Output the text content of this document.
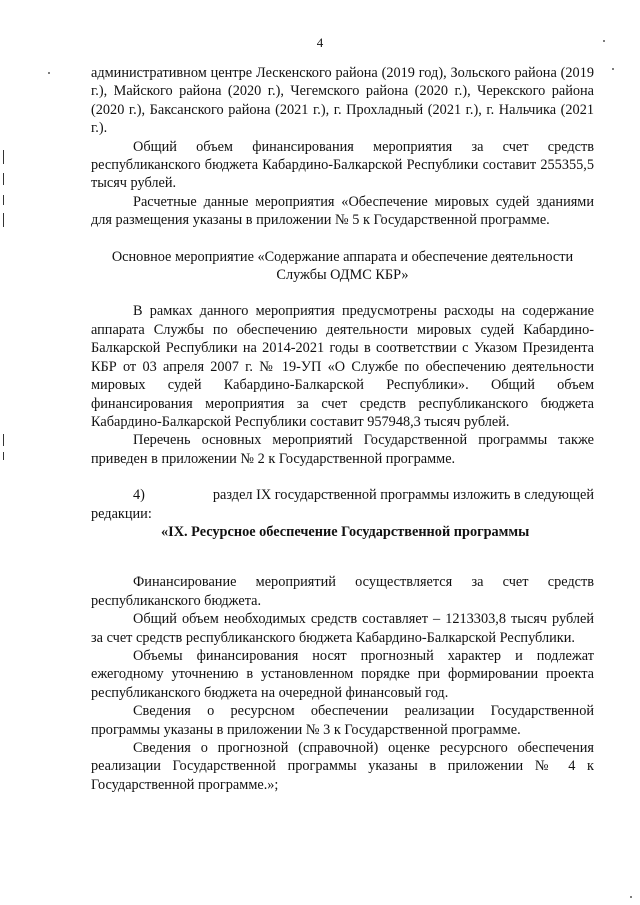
4

административном центре Лескенского района (2019 год), Зольского района (2019 г.), Майского района (2020 г.), Чегемского района (2020 г.), Черекского района (2020 г.), Баксанского района (2021 г.), г. Прохладный (2021 г.), г. Нальчика (2021 г.).

Общий объем финансирования мероприятия за счет средств республиканского бюджета Кабардино-Балкарской Республики составит 255355,5 тысяч рублей.

Расчетные данные мероприятия «Обеспечение мировых судей зданиями для размещения указаны в приложении № 5 к Государственной программе.

Основное мероприятие «Содержание аппарата и обеспечение деятельности Службы ОДМС КБР»

В рамках данного мероприятия предусмотрены расходы на содержание аппарата Службы по обеспечению деятельности мировых судей Кабардино-Балкарской Республики на 2014-2021 годы в соответствии с Указом Президента КБР от 03 апреля 2007 г. № 19-УП «О Службе по обеспечению деятельности мировых судей Кабардино-Балкарской Республики». Общий объем финансирования мероприятия за счет средств республиканского бюджета Кабардино-Балкарской Республики составит 957948,3 тысяч рублей.

Перечень основных мероприятий Государственной программы также приведен в приложении № 2 к Государственной программе.

4)	раздел IX государственной программы изложить в следующей

редакции:

«IX. Ресурсное обеспечение Государственной программы

Финансирование мероприятий осуществляется за счет средств республиканского бюджета.

Общий объем необходимых средств составляет – 1213303,8 тысяч рублей за счет средств республиканского бюджета Кабардино-Балкарской Республики.

Объемы финансирования носят прогнозный характер и подлежат ежегодному уточнению в установленном порядке при формировании проекта республиканского бюджета на очередной финансовый год.

Сведения о ресурсном обеспечении реализации Государственной программы указаны в приложении № 3 к Государственной программе.

Сведения о прогнозной (справочной) оценке ресурсного обеспечения реализации Государственной программы указаны в приложении № 4 к Государственной программе.»;
